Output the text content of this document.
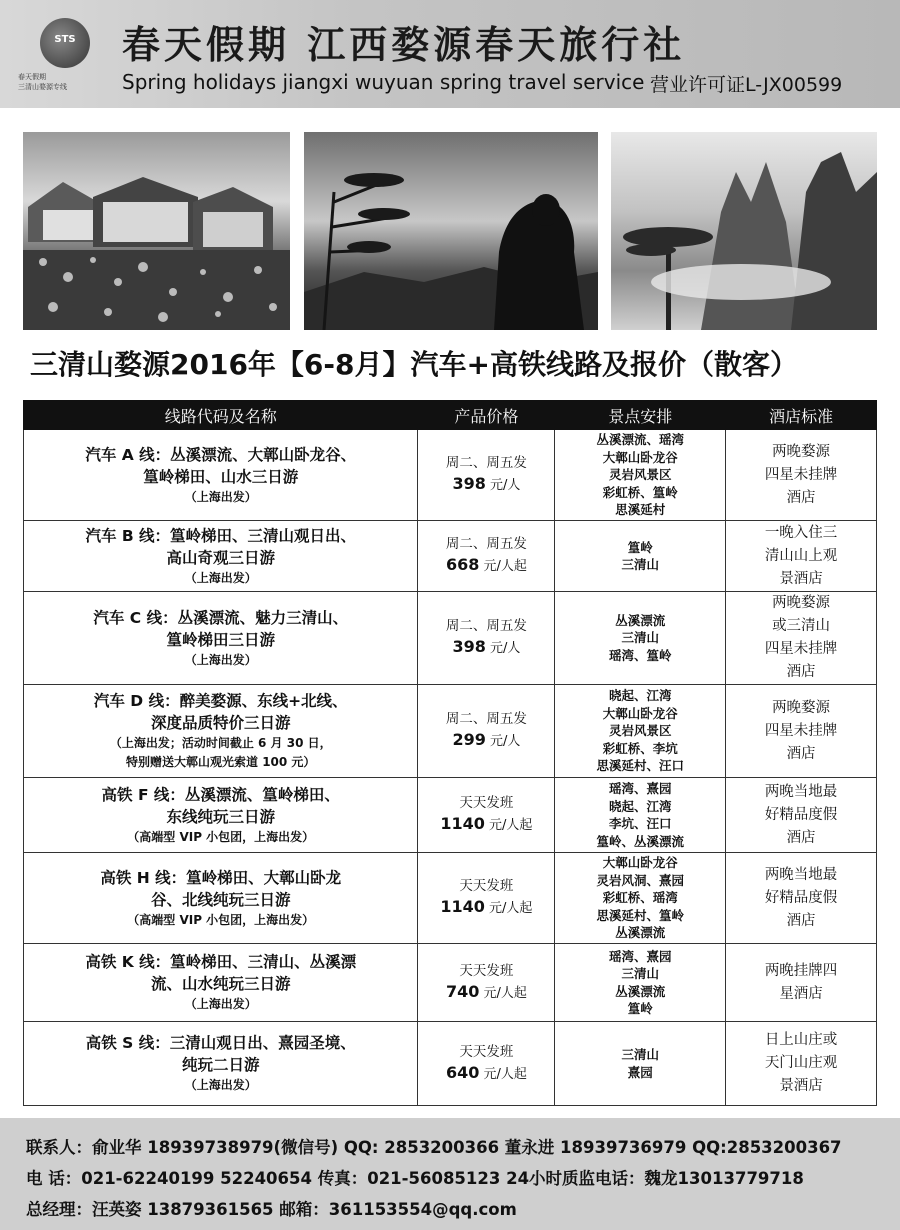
STS
春天假期
三清山婺源专线
春天假期 江西婺源春天旅行社
Spring holidays jiangxi wuyuan spring travel service 营业许可证L-JX00599
三清山婺源2016年【6-8月】汽车+高铁线路及报价（散客）
线路代码及名称	产品价格	景点安排	酒店标准

汽车 A 线：丛溪漂流、大鄣山卧龙谷、
篁岭梯田、山水三日游
（上海出发）	周二、周五发
398 元/人	丛溪漂流、瑶湾
大鄣山卧龙谷
灵岩风景区
彩虹桥、篁岭
思溪延村	两晚婺源
四星未挂牌
酒店

汽车 B 线：篁岭梯田、三清山观日出、
高山奇观三日游
（上海出发）	周二、周五发
668 元/人起	篁岭
三清山	一晚入住三
清山山上观
景酒店

汽车 C 线：丛溪漂流、魅力三清山、
篁岭梯田三日游
（上海出发）	周二、周五发
398 元/人	丛溪漂流
三清山
瑶湾、篁岭	两晚婺源
或三清山
四星未挂牌
酒店

汽车 D 线：醉美婺源、东线+北线、
深度品质特价三日游
（上海出发；活动时间截止 6 月 30 日，
特别赠送大鄣山观光索道 100 元）	周二、周五发
299 元/人	晓起、江湾
大鄣山卧龙谷
灵岩风景区
彩虹桥、李坑
思溪延村、汪口	两晚婺源
四星未挂牌
酒店

高铁 F 线：丛溪漂流、篁岭梯田、
东线纯玩三日游
（高端型 VIP 小包团，上海出发）	天天发班
1140 元/人起	瑶湾、熹园
晓起、江湾
李坑、汪口
篁岭、丛溪漂流	两晚当地最
好精品度假
酒店

高铁 H 线：篁岭梯田、大鄣山卧龙
谷、北线纯玩三日游
（高端型 VIP 小包团，上海出发）	天天发班
1140 元/人起	大鄣山卧龙谷
灵岩风洞、熹园
彩虹桥、瑶湾
思溪延村、篁岭
丛溪漂流	两晚当地最
好精品度假
酒店

高铁 K 线：篁岭梯田、三清山、丛溪漂
流、山水纯玩三日游
（上海出发）	天天发班
740 元/人起	瑶湾、熹园
三清山
丛溪漂流
篁岭	两晚挂牌四
星酒店

高铁 S 线：三清山观日出、熹园圣境、
纯玩二日游
（上海出发）	天天发班
640 元/人起	三清山
熹园	日上山庄或
天门山庄观
景酒店
联系人：俞业华 18939738979(微信号) QQ: 2853200366 董永进 18939736979 QQ:2853200367
电 话：021-62240199 52240654 传真：021-56085123 24小时质监电话：魏龙13013779718
总经理：汪英姿 13879361565 邮箱：361153554@qq.com
